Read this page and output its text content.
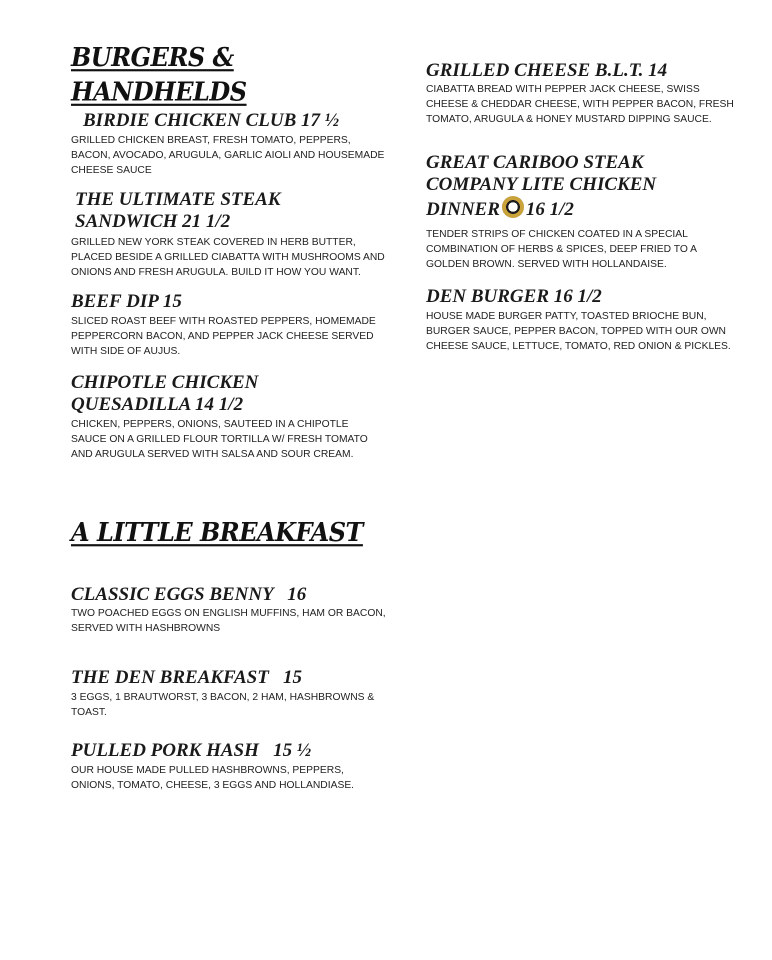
BURGERS & HANDHELDS

BIRDIE CHICKEN CLUB 17 ½

GRILLED CHICKEN BREAST, FRESH TOMATO, PEPPERS, BACON, AVOCADO, ARUGULA, GARLIC AIOLI AND HOUSEMADE CHEESE SAUCE

THE ULTIMATE STEAK SANDWICH 21 1/2

GRILLED NEW YORK STEAK COVERED IN HERB BUTTER, PLACED BESIDE A GRILLED CIABATTA WITH MUSHROOMS AND ONIONS AND FRESH ARUGULA. BUILD IT HOW YOU WANT.

BEEF DIP 15

SLICED ROAST BEEF WITH ROASTED PEPPERS, HOMEMADE PEPPERCORN BACON, AND PEPPER JACK CHEESE SERVED WITH SIDE OF AUJUS.

CHIPOTLE CHICKEN QUESADILLA 14 1/2

CHICKEN, PEPPERS, ONIONS, SAUTEED IN A CHIPOTLE SAUCE ON A GRILLED FLOUR TORTILLA W/ FRESH TOMATO AND ARUGULA SERVED WITH SALSA AND SOUR CREAM.

A LITTLE BREAKFAST

CLASSIC EGGS BENNY   16

TWO POACHED EGGS ON ENGLISH MUFFINS, HAM OR BACON, SERVED WITH HASHBROWNS

THE DEN BREAKFAST   15

3 EGGS, 1 BRAUTWORST, 3 BACON, 2 HAM, HASHBROWNS & TOAST.

PULLED PORK HASH   15 ½

OUR HOUSE MADE PULLED HASHBROWNS, PEPPERS, ONIONS, TOMATO, CHEESE, 3 EGGS AND HOLLANDIASE.

GRILLED CHEESE B.L.T. 14

CIABATTA BREAD WITH PEPPER JACK CHEESE, SWISS CHEESE & CHEDDAR CHEESE, WITH PEPPER BACON, FRESH TOMATO, ARUGULA & HONEY MUSTARD DIPPING SAUCE.

GREAT CARIBOO STEAK COMPANY LITE CHICKEN DINNER 16 1/2

TENDER STRIPS OF CHICKEN COATED IN A SPECIAL COMBINATION OF HERBS & SPICES, DEEP FRIED TO A GOLDEN BROWN. SERVED WITH HOLLANDAISE.

DEN BURGER 16 1/2

HOUSE MADE BURGER PATTY, TOASTED BRIOCHE BUN, BURGER SAUCE, PEPPER BACON, TOPPED WITH OUR OWN CHEESE SAUCE, LETTUCE, TOMATO, RED ONION & PICKLES.
